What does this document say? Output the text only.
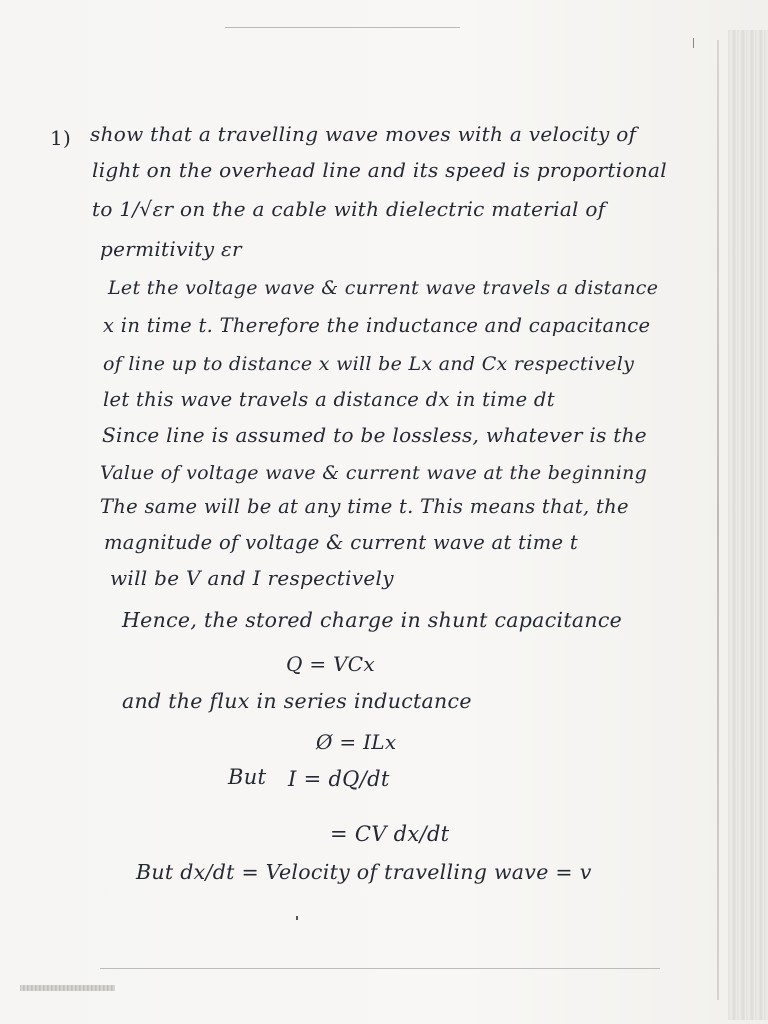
1) show that a travelling wave moves with a velocity of
light on the overhead line and its speed is proportional
to 1/√εr on the a cable with dielectric material of
permitivity εr
Let the voltage wave & current wave travels a distance
x in time t. Therefore the inductance and capacitance
of line up to distance x will be Lx and Cx respectively
let this wave travels a distance dx in time dt
Since line is assumed to be lossless, whatever is the
Value of voltage wave & current wave at the beginning
The same will be at any time t. This means that, the
magnitude of voltage & current wave at time t
will be V and I respectively
Hence, the stored charge in shunt capacitance
Q = VCx
and the flux in series inductance
Ø = ILx
But I = dQ/dt
= CV dx/dt
But dx/dt = Velocity of travelling wave = v
